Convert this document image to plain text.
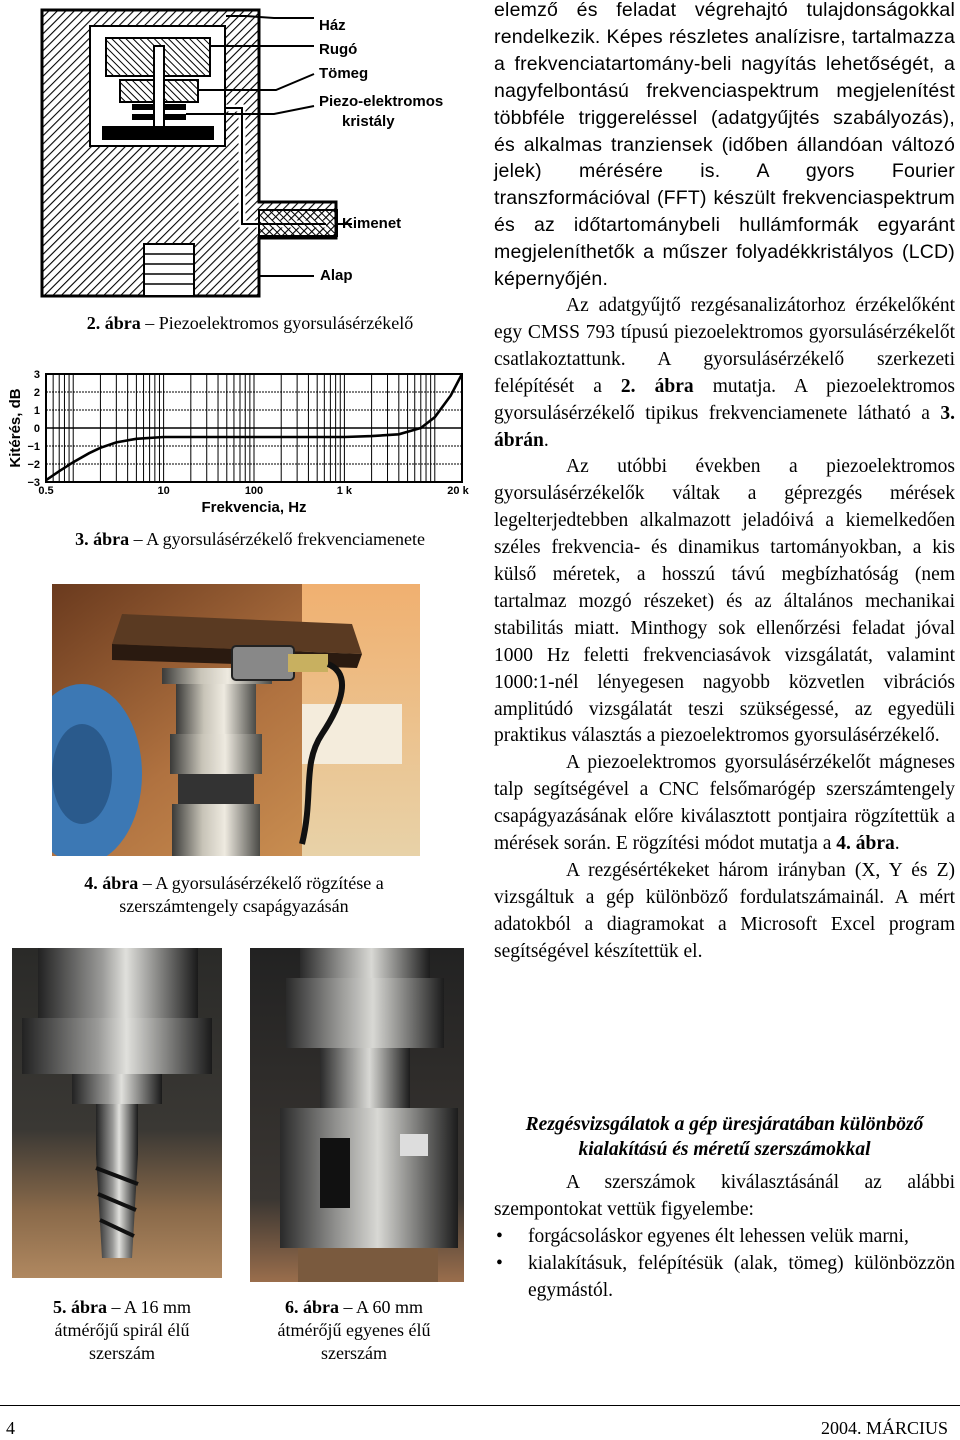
Ház
Rugó
Tömeg
Piezo-elektromos
kristály
Kimenet
Alap
2. ábra – Piezoelektromos gyorsulásérzékelő
3
2
1
0
−1
−2
−3
0.5	10	100	1 k	20 k
Frekvencia, Hz
Kitérés, dB
3. ábra – A gyorsulásérzékelő frekvenciamenete
4. ábra – A gyorsulásérzékelő rögzítése a szerszámtengely csapágyazásán
5. ábra – A 16 mm átmérőjű spirál élű szerszám
6. ábra – A 60 mm átmérőjű egyenes élű szerszám

elemző és feladat végrehajtó tulajdonságokkal rendelkezik. Képes részletes analízisre, tartalmazza a frekvenciatartomány-beli nagyítás lehetőségét, a nagyfelbontású frekvenciaspektrum megjelenítést többféle triggereléssel (adatgyűjtés szabályozás), és alkalmas tranziensek (időben állandóan változó jelek) mérésére is. A gyors Fourier transzformációval (FFT) készült frekvenciaspektrum és az időtartománybeli hullámformák egyaránt megjeleníthetők a műszer folyadékkristályos (LCD) képernyőjén.

Az adatgyűjtő rezgésanalizátorhoz érzékelőként egy CMSS 793 típusú piezoelektromos gyorsulásérzékelőt csatlakoztattunk. A gyorsulásérzékelő szerkezeti felépítését a 2. ábra mutatja. A piezoelektromos gyorsulásérzékelő tipikus frekvenciamenete látható a 3. ábrán.

Az utóbbi években a piezoelektromos gyorsulásérzékelők váltak a géprezgés mérések legelterjedtebben alkalmazott jeladóivá a kiemelkedően széles frekvencia- és dinamikus tartományokban, a kis külső méretek, a hosszú távú megbízhatóság (nem tartalmaz mozgó részeket) és az általános mechanikai stabilitás miatt. Minthogy sok ellenőrzési feladat jóval 1000 Hz feletti frekvenciasávok vizsgálatát, valamint 1000:1-nél lényegesen nagyobb közvetlen vibrációs amplitúdó vizsgálatát teszi szükségessé, az egyedüli praktikus választás a piezoelektromos gyorsulásérzékelő.

A piezoelektromos gyorsulásérzékelőt mágneses talp segítségével a CNC felsőmarógép szerszámtengely csapágyazásának előre kiválasztott pontjaira rögzítettük a mérések során. E rögzítési módot mutatja a 4. ábra.

A rezgésértékeket három irányban (X, Y és Z) vizsgáltuk a gép különböző fordulatszámainál. A mért adatokból a diagramokat a Microsoft Excel program segítségével készítettük el.

Rezgésvizsgálatok a gép üresjáratában különböző kialakítású és méretű szerszámokkal

A szerszámok kiválasztásánál az alábbi szempontokat vettük figyelembe:

• forgácsoláskor egyenes élt lehessen velük marni,
• kialakításuk, felépítésük (alak, tömeg) különbözzön egymástól.
4	2004. MÁRCIUS
